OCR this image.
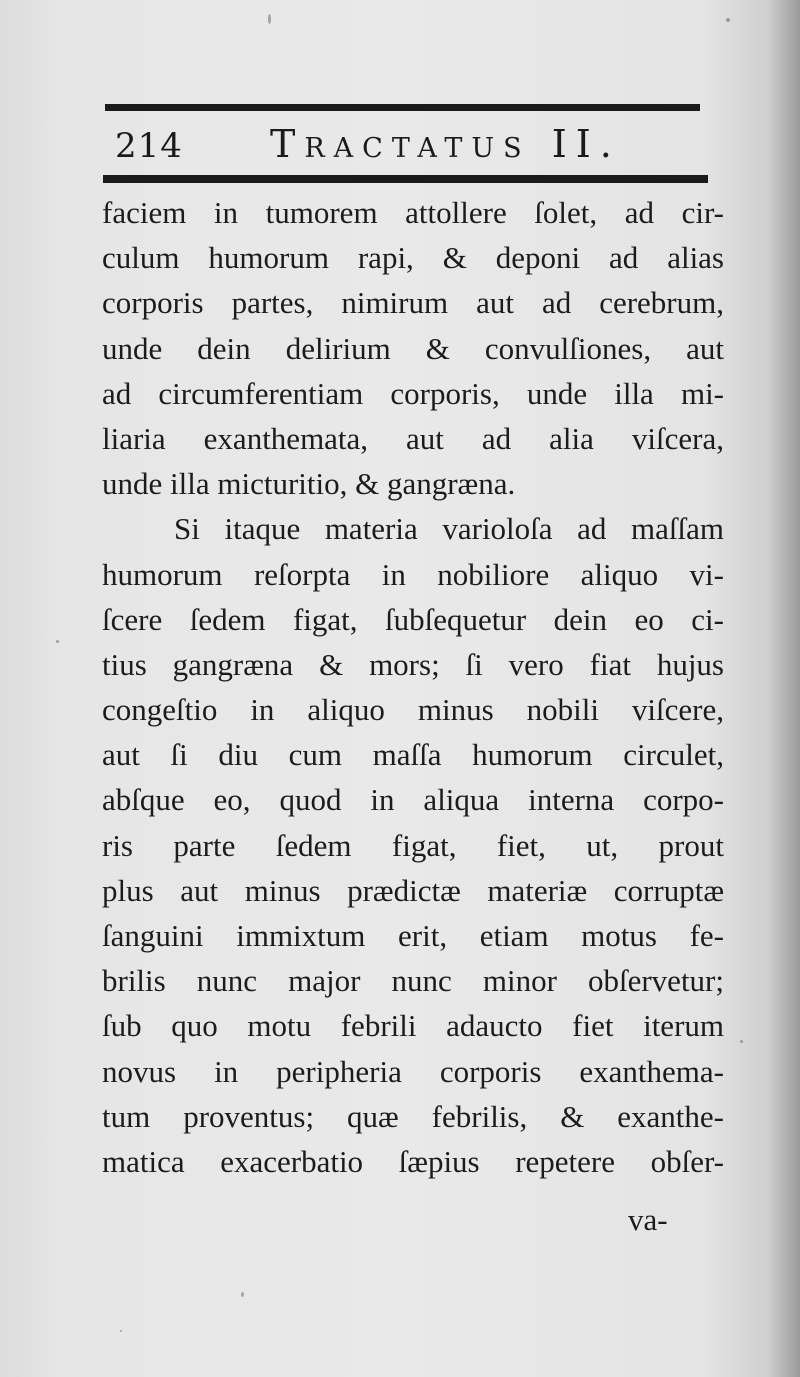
214 Tractatus II.
faciem in tumorem attollere ſolet, ad cir-
culum humorum rapi, & deponi ad alias
corporis partes, nimirum aut ad cerebrum,
unde dein delirium & convulſiones, aut
ad circumferentiam corporis, unde illa mi-
liaria exanthemata, aut ad alia viſcera,
unde illa micturitio, & gangræna.
Si itaque materia varioloſa ad maſſam
humorum reſorpta in nobiliore aliquo vi-
ſcere ſedem figat, ſubſequetur dein eo ci-
tius gangræna & mors; ſi vero fiat hujus
congeſtio in aliquo minus nobili viſcere,
aut ſi diu cum maſſa humorum circulet,
abſque eo, quod in aliqua interna corpo-
ris parte ſedem figat, fiet, ut, prout
plus aut minus prædictæ materiæ corruptæ
ſanguini immixtum erit, etiam motus fe-
brilis nunc major nunc minor obſervetur;
ſub quo motu febrili adaucto fiet iterum
novus in peripheria corporis exanthema-
tum proventus; quæ febrilis, & exanthe-
matica exacerbatio ſæpius repetere obſer-
va-
